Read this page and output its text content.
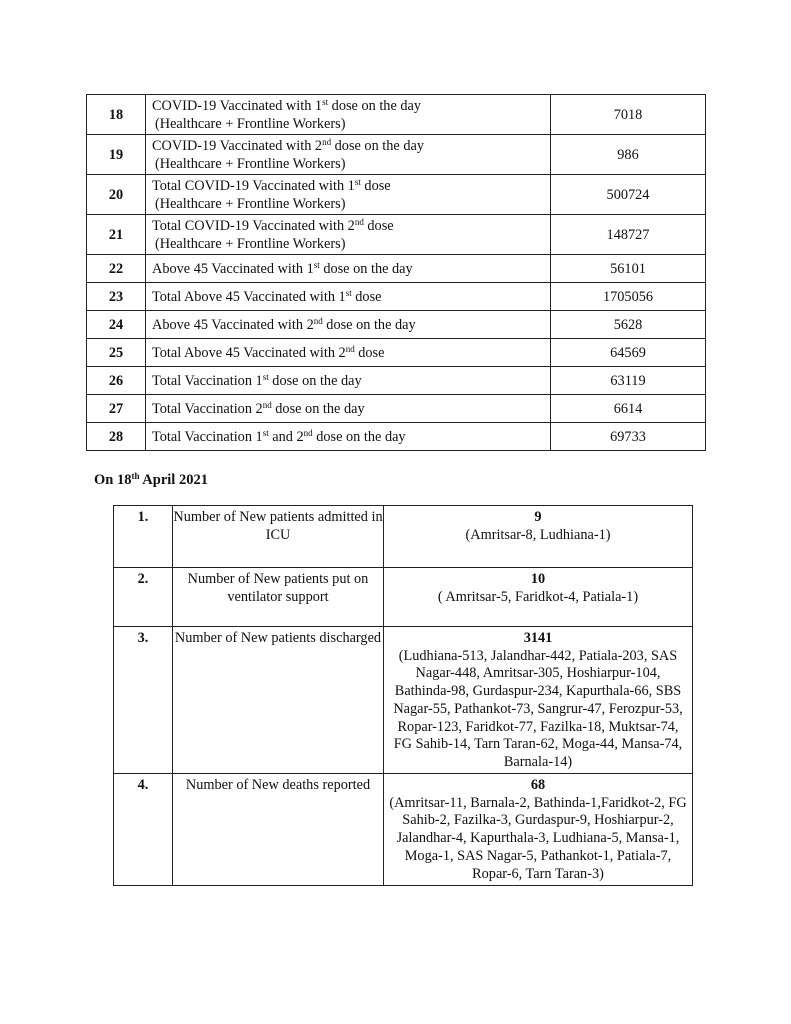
18	COVID-19 Vaccinated with 1st dose on the day
(Healthcare + Frontline Workers)	7018
19	COVID-19 Vaccinated with 2nd dose on the day
(Healthcare + Frontline Workers)	986
20	Total COVID-19 Vaccinated with 1st dose
(Healthcare + Frontline Workers)	500724
21	Total COVID-19 Vaccinated with 2nd dose
(Healthcare + Frontline Workers)	148727
22	Above 45 Vaccinated with 1st dose on the day	56101
23	Total Above 45 Vaccinated with 1st dose	1705056
24	Above 45 Vaccinated with 2nd dose on the day	5628
25	Total Above 45 Vaccinated with 2nd dose	64569
26	Total Vaccination 1st dose on the day	63119
27	Total Vaccination 2nd dose on the day	6614
28	Total Vaccination 1st and 2nd dose on the day	69733

On 18th April 2021

1.	Number of New patients admitted in ICU	9
(Amritsar-8, Ludhiana-1)

2.	Number of New patients put on ventilator support	10
( Amritsar-5, Faridkot-4, Patiala-1)

3.	Number of New patients discharged	3141
(Ludhiana-513, Jalandhar-442, Patiala-203, SAS Nagar-448, Amritsar-305, Hoshiarpur-104, Bathinda-98, Gurdaspur-234, Kapurthala-66, SBS Nagar-55, Pathankot-73, Sangrur-47, Ferozpur-53, Ropar-123, Faridkot-77, Fazilka-18, Muktsar-74, FG Sahib-14, Tarn Taran-62, Moga-44, Mansa-74, Barnala-14)

4.	Number of New deaths reported	68
(Amritsar-11, Barnala-2, Bathinda-1,Faridkot-2, FG Sahib-2, Fazilka-3, Gurdaspur-9, Hoshiarpur-2, Jalandhar-4, Kapurthala-3, Ludhiana-5, Mansa-1, Moga-1, SAS Nagar-5, Pathankot-1, Patiala-7, Ropar-6, Tarn Taran-3)
